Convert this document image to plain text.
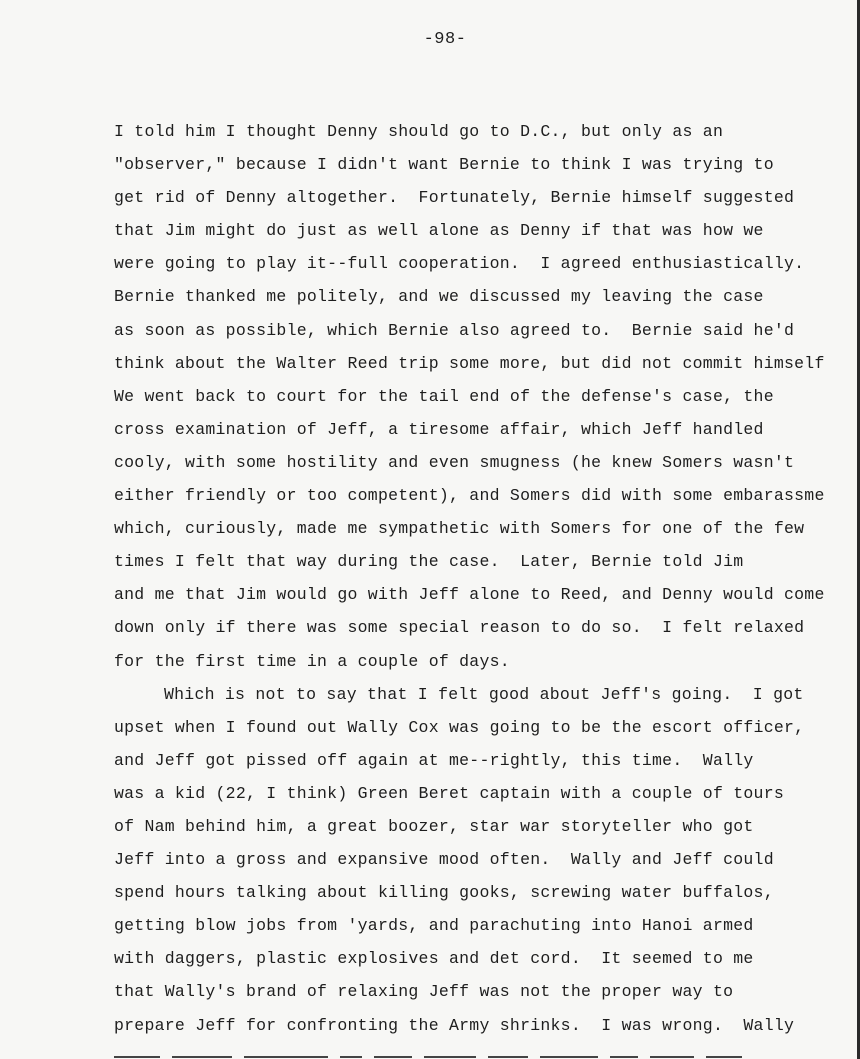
-98-
I told him I thought Denny should go to D.C., but only as an
"observer," because I didn't want Bernie to think I was trying to
get rid of Denny altogether.  Fortunately, Bernie himself suggested
that Jim might do just as well alone as Denny if that was how we
were going to play it--full cooperation.  I agreed enthusiastically.
Bernie thanked me politely, and we discussed my leaving the case
as soon as possible, which Bernie also agreed to.  Bernie said he'd
think about the Walter Reed trip some more, but did not commit himself
We went back to court for the tail end of the defense's case, the
cross examination of Jeff, a tiresome affair, which Jeff handled
cooly, with some hostility and even smugness (he knew Somers wasn't
either friendly or too competent), and Somers did with some embarassme
which, curiously, made me sympathetic with Somers for one of the few
times I felt that way during the case.  Later, Bernie told Jim
and me that Jim would go with Jeff alone to Reed, and Denny would come
down only if there was some special reason to do so.  I felt relaxed
for the first time in a couple of days.
Which is not to say that I felt good about Jeff's going.  I got
upset when I found out Wally Cox was going to be the escort officer,
and Jeff got pissed off again at me--rightly, this time.  Wally
was a kid (22, I think) Green Beret captain with a couple of tours
of Nam behind him, a great boozer, star war storyteller who got
Jeff into a gross and expansive mood often.  Wally and Jeff could
spend hours talking about killing gooks, screwing water buffalos,
getting blow jobs from 'yards, and parachuting into Hanoi armed
with daggers, plastic explosives and det cord.  It seemed to me
that Wally's brand of relaxing Jeff was not the proper way to
prepare Jeff for confronting the Army shrinks.  I was wrong.  Wally
